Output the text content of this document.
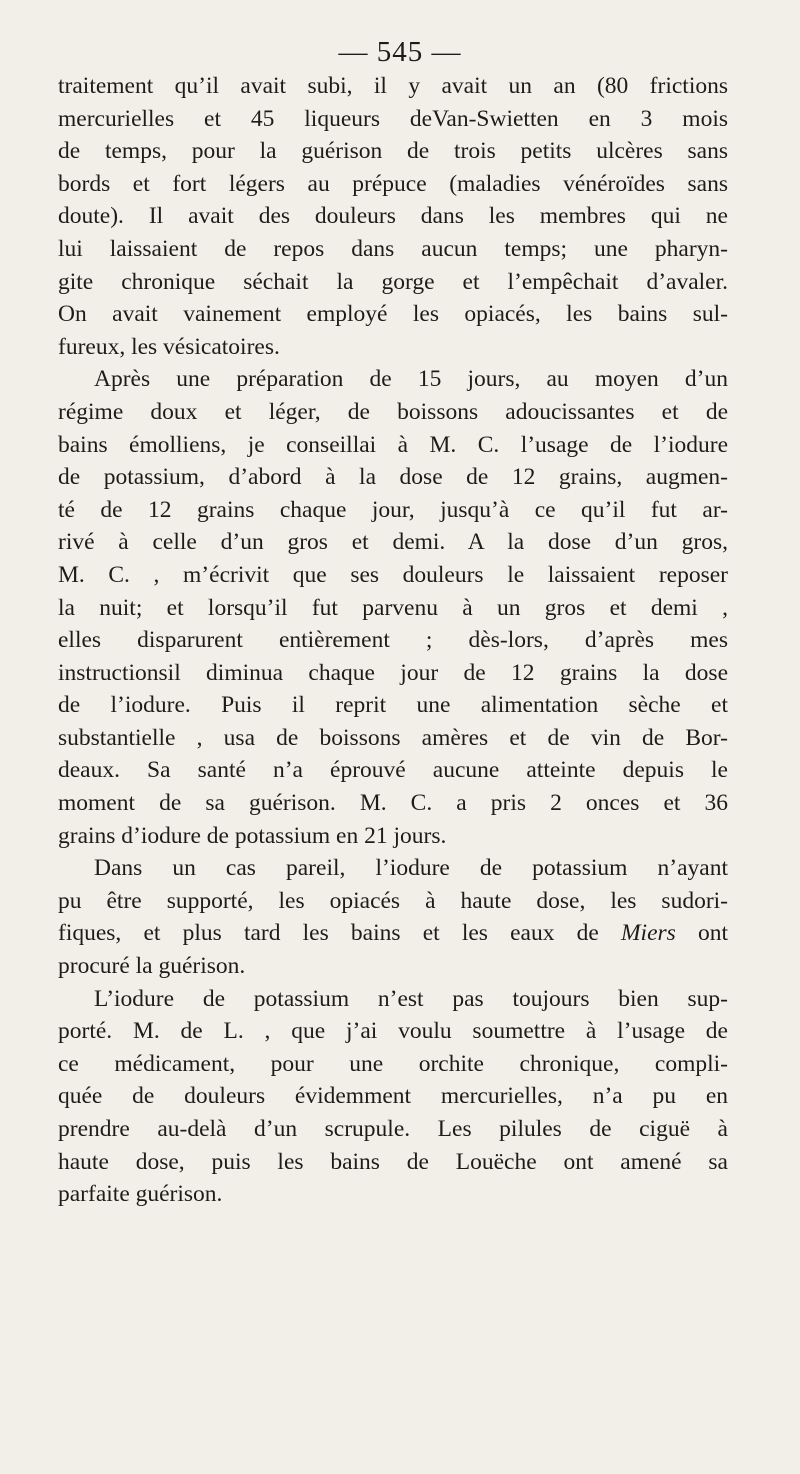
— 545 —
traitement qu’il avait subi, il y avait un an (80 frictions
mercurielles et 45 liqueurs deVan-Swietten en 3 mois
de temps, pour la guérison de trois petits ulcères sans
bords et fort légers au prépuce (maladies vénéroïdes sans
doute). Il avait des douleurs dans les membres qui ne
lui laissaient de repos dans aucun temps; une pharyn-
gite chronique séchait la gorge et l’empêchait d’avaler.
On avait vainement employé les opiacés, les bains sul-
fureux, les vésicatoires.
Après une préparation de 15 jours, au moyen d’un
régime doux et léger, de boissons adoucissantes et de
bains émolliens, je conseillai à M. C. l’usage de l’iodure
de potassium, d’abord à la dose de 12 grains, augmen-
té de 12 grains chaque jour, jusqu’à ce qu’il fut ar-
rivé à celle d’un gros et demi. A la dose d’un gros,
M. C. , m’écrivit que ses douleurs le laissaient reposer
la nuit; et lorsqu’il fut parvenu à un gros et demi ,
elles disparurent entièrement ; dès-lors, d’après mes
instructionsil diminua chaque jour de 12 grains la dose
de l’iodure. Puis il reprit une alimentation sèche et
substantielle , usa de boissons amères et de vin de Bor-
deaux. Sa santé n’a éprouvé aucune atteinte depuis le
moment de sa guérison. M. C. a pris 2 onces et 36
grains d’iodure de potassium en 21 jours.
Dans un cas pareil, l’iodure de potassium n’ayant
pu être supporté, les opiacés à haute dose, les sudori-
fiques, et plus tard les bains et les eaux de Miers ont
procuré la guérison.
L’iodure de potassium n’est pas toujours bien sup-
porté. M. de L. , que j’ai voulu soumettre à l’usage de
ce médicament, pour une orchite chronique, compli-
quée de douleurs évidemment mercurielles, n’a pu en
prendre au-delà d’un scrupule. Les pilules de ciguë à
haute dose, puis les bains de Louëche ont amené sa
parfaite guérison.
